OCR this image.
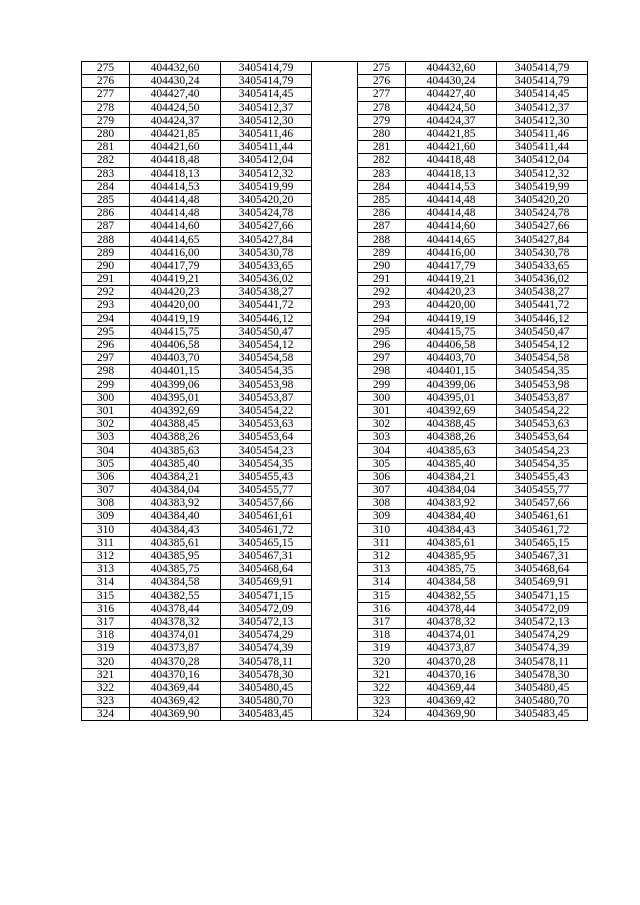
275	404432,60	3405414,79		275	404432,60	3405414,79
276	404430,24	3405414,79		276	404430,24	3405414,79
277	404427,40	3405414,45		277	404427,40	3405414,45
278	404424,50	3405412,37		278	404424,50	3405412,37
279	404424,37	3405412,30		279	404424,37	3405412,30
280	404421,85	3405411,46		280	404421,85	3405411,46
281	404421,60	3405411,44		281	404421,60	3405411,44
282	404418,48	3405412,04		282	404418,48	3405412,04
283	404418,13	3405412,32		283	404418,13	3405412,32
284	404414,53	3405419,99		284	404414,53	3405419,99
285	404414,48	3405420,20		285	404414,48	3405420,20
286	404414,48	3405424,78		286	404414,48	3405424,78
287	404414,60	3405427,66		287	404414,60	3405427,66
288	404414,65	3405427,84		288	404414,65	3405427,84
289	404416,00	3405430,78		289	404416,00	3405430,78
290	404417,79	3405433,65		290	404417,79	3405433,65
291	404419,21	3405436,02		291	404419,21	3405436,02
292	404420,23	3405438,27		292	404420,23	3405438,27
293	404420,00	3405441,72		293	404420,00	3405441,72
294	404419,19	3405446,12		294	404419,19	3405446,12
295	404415,75	3405450,47		295	404415,75	3405450,47
296	404406,58	3405454,12		296	404406,58	3405454,12
297	404403,70	3405454,58		297	404403,70	3405454,58
298	404401,15	3405454,35		298	404401,15	3405454,35
299	404399,06	3405453,98		299	404399,06	3405453,98
300	404395,01	3405453,87		300	404395,01	3405453,87
301	404392,69	3405454,22		301	404392,69	3405454,22
302	404388,45	3405453,63		302	404388,45	3405453,63
303	404388,26	3405453,64		303	404388,26	3405453,64
304	404385,63	3405454,23		304	404385,63	3405454,23
305	404385,40	3405454,35		305	404385,40	3405454,35
306	404384,21	3405455,43		306	404384,21	3405455,43
307	404384,04	3405455,77		307	404384,04	3405455,77
308	404383,92	3405457,66		308	404383,92	3405457,66
309	404384,40	3405461,61		309	404384,40	3405461,61
310	404384,43	3405461,72		310	404384,43	3405461,72
311	404385,61	3405465,15		311	404385,61	3405465,15
312	404385,95	3405467,31		312	404385,95	3405467,31
313	404385,75	3405468,64		313	404385,75	3405468,64
314	404384,58	3405469,91		314	404384,58	3405469,91
315	404382,55	3405471,15		315	404382,55	3405471,15
316	404378,44	3405472,09		316	404378,44	3405472,09
317	404378,32	3405472,13		317	404378,32	3405472,13
318	404374,01	3405474,29		318	404374,01	3405474,29
319	404373,87	3405474,39		319	404373,87	3405474,39
320	404370,28	3405478,11		320	404370,28	3405478,11
321	404370,16	3405478,30		321	404370,16	3405478,30
322	404369,44	3405480,45		322	404369,44	3405480,45
323	404369,42	3405480,70		323	404369,42	3405480,70
324	404369,90	3405483,45		324	404369,90	3405483,45
